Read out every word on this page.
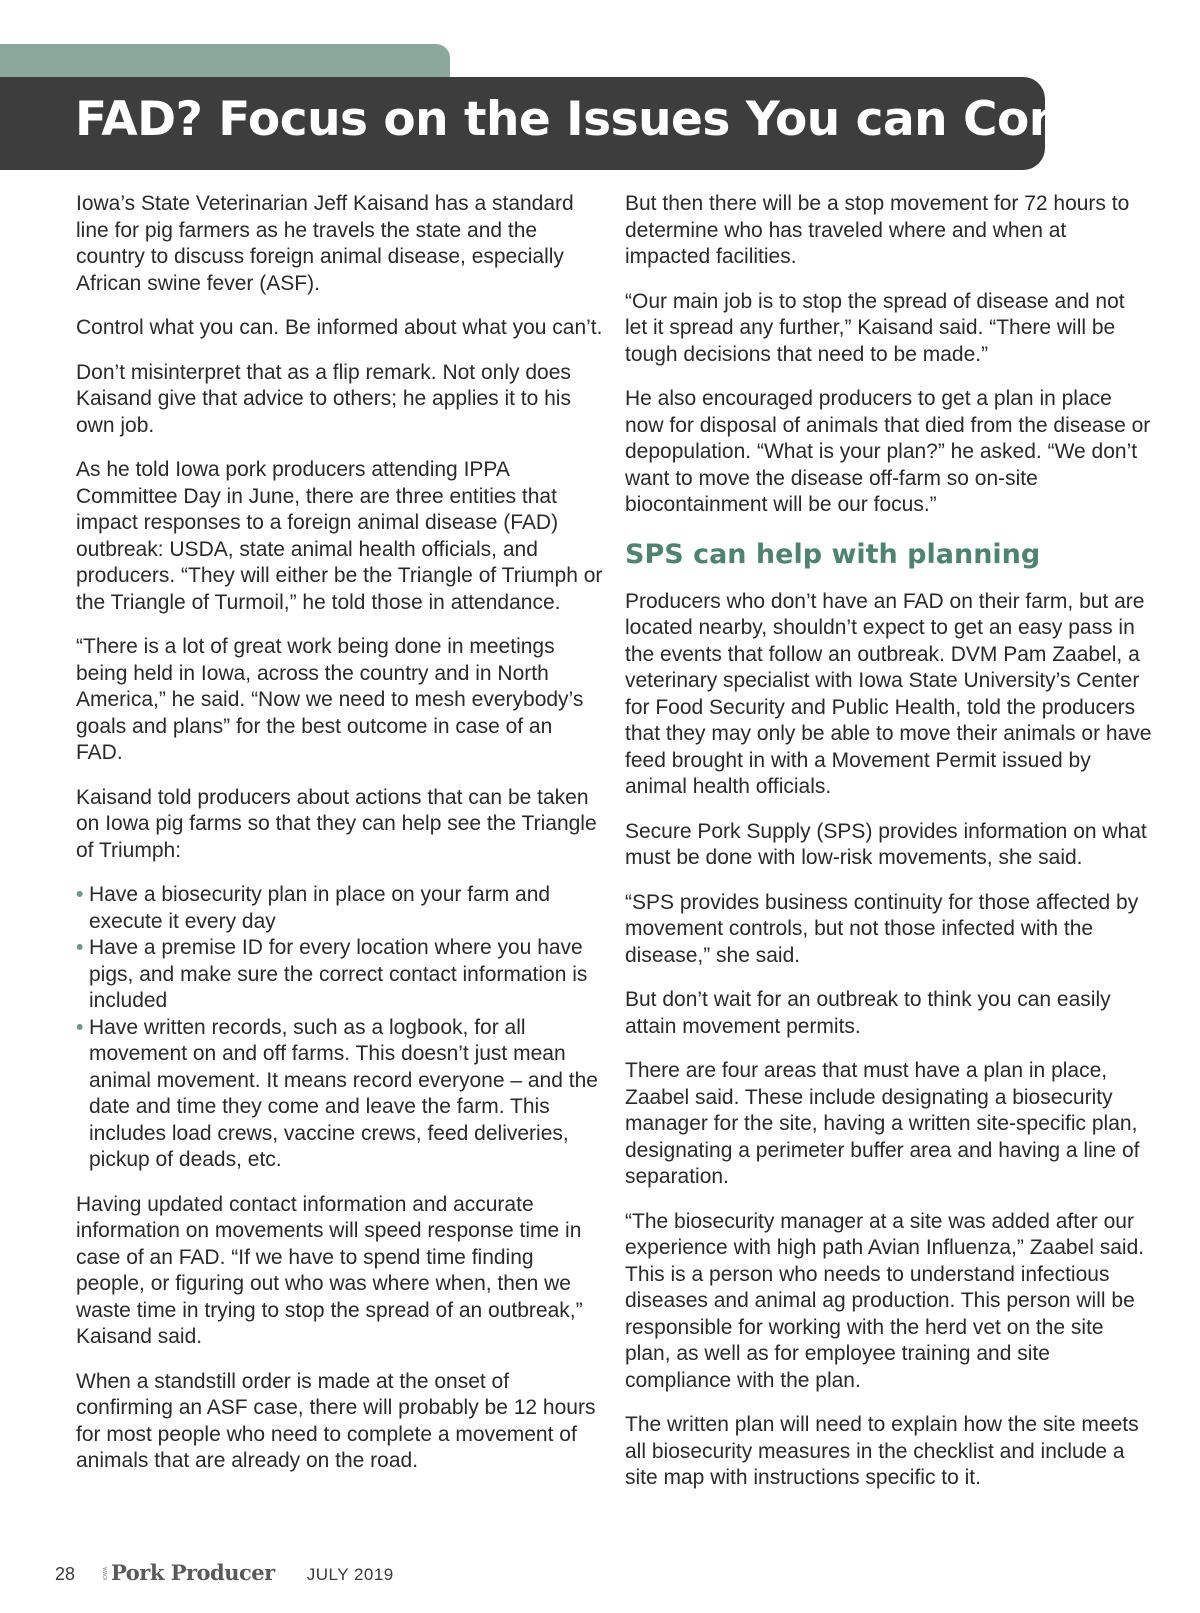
FAD? Focus on the Issues You can Control

Iowa’s State Veterinarian Jeff Kaisand has a standard line for pig farmers as he travels the state and the country to discuss foreign animal disease, especially African swine fever (ASF).

Control what you can. Be informed about what you can’t.

Don’t misinterpret that as a flip remark. Not only does Kaisand give that advice to others; he applies it to his own job.

As he told Iowa pork producers attending IPPA Committee Day in June, there are three entities that impact responses to a foreign animal disease (FAD) outbreak: USDA, state animal health officials, and producers. “They will either be the Triangle of Triumph or the Triangle of Turmoil,” he told those in attendance.

“There is a lot of great work being done in meetings being held in Iowa, across the country and in North America,” he said. “Now we need to mesh everybody’s goals and plans” for the best outcome in case of an FAD.

Kaisand told producers about actions that can be taken on Iowa pig farms so that they can help see the Triangle of Triumph:

• Have a biosecurity plan in place on your farm and execute it every day
• Have a premise ID for every location where you have pigs, and make sure the correct contact information is included
• Have written records, such as a logbook, for all movement on and off farms. This doesn’t just mean animal movement. It means record everyone – and the date and time they come and leave the farm. This includes load crews, vaccine crews, feed deliveries, pickup of deads, etc.

Having updated contact information and accurate information on movements will speed response time in case of an FAD. “If we have to spend time finding people, or figuring out who was where when, then we waste time in trying to stop the spread of an outbreak,” Kaisand said.

When a standstill order is made at the onset of confirming an ASF case, there will probably be 12 hours for most people who need to complete a movement of animals that are already on the road.

But then there will be a stop movement for 72 hours to determine who has traveled where and when at impacted facilities.

“Our main job is to stop the spread of disease and not let it spread any further,” Kaisand said. “There will be tough decisions that need to be made.”

He also encouraged producers to get a plan in place now for disposal of animals that died from the disease or depopulation. “What is your plan?” he asked. “We don’t want to move the disease off-farm so on-site biocontainment will be our focus.”

SPS can help with planning

Producers who don’t have an FAD on their farm, but are located nearby, shouldn’t expect to get an easy pass in the events that follow an outbreak. DVM Pam Zaabel, a veterinary specialist with Iowa State University’s Center for Food Security and Public Health, told the producers that they may only be able to move their animals or have feed brought in with a Movement Permit issued by animal health officials.

Secure Pork Supply (SPS) provides information on what must be done with low-risk movements, she said.

“SPS provides business continuity for those affected by movement controls, but not those infected with the disease,” she said.

But don’t wait for an outbreak to think you can easily attain movement permits.

There are four areas that must have a plan in place, Zaabel said. These include designating a biosecurity manager for the site, having a written site-specific plan, designating a perimeter buffer area and having a line of separation.

“The biosecurity manager at a site was added after our experience with high path Avian Influenza,” Zaabel said. This is a person who needs to understand infectious diseases and animal ag production. This person will be responsible for working with the herd vet on the site plan, as well as for employee training and site compliance with the plan.

The written plan will need to explain how the site meets all biosecurity measures in the checklist and include a site map with instructions specific to it.

28	IOWA Pork Producer JULY 2019
